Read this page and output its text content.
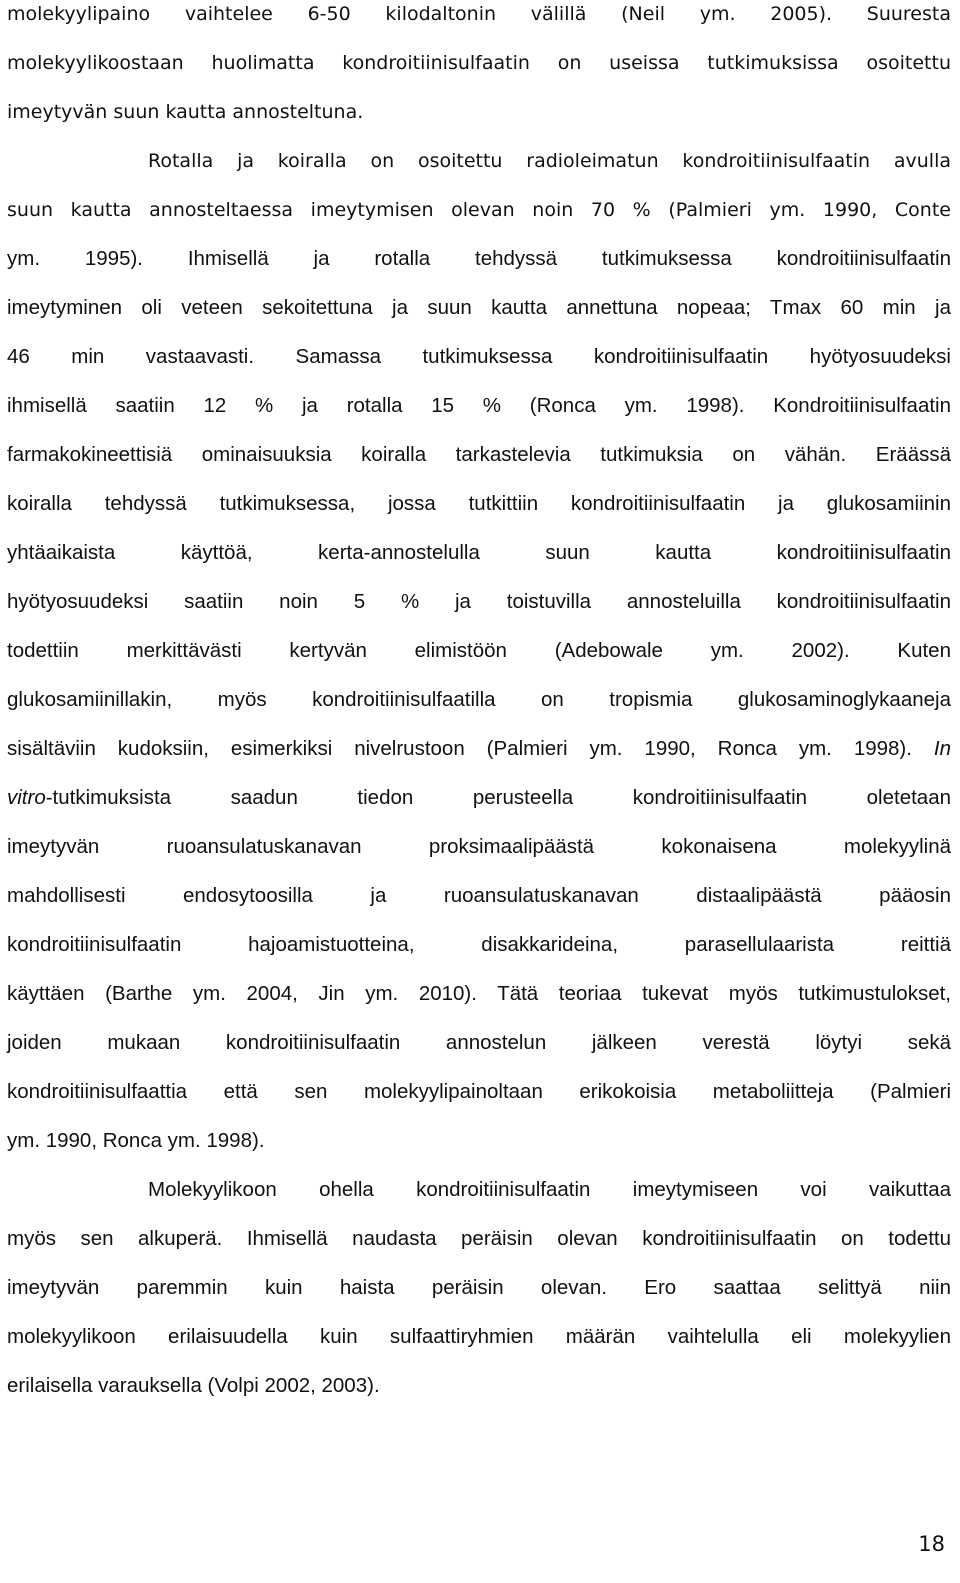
molekyylipaino vaihtelee 6-50 kilodaltonin välillä (Neil ym. 2005). Suuresta
molekyylikoostaan huolimatta kondroitiinisulfaatin on useissa tutkimuksissa osoitettu
imeytyvän suun kautta annosteltuna.
Rotalla ja koiralla on osoitettu radioleimatun kondroitiinisulfaatin avulla
suun kautta annosteltaessa imeytymisen olevan noin 70 % (Palmieri ym. 1990, Conte
ym. 1995). Ihmisellä ja rotalla tehdyssä tutkimuksessa kondroitiinisulfaatin
imeytyminen oli veteen sekoitettuna ja suun kautta annettuna nopeaa; Tmax 60 min ja
46 min vastaavasti. Samassa tutkimuksessa kondroitiinisulfaatin hyötyosuudeksi
ihmisellä saatiin 12 % ja rotalla 15 % (Ronca ym. 1998). Kondroitiinisulfaatin
farmakokineettisiä ominaisuuksia koiralla tarkastelevia tutkimuksia on vähän. Eräässä
koiralla tehdyssä tutkimuksessa, jossa tutkittiin kondroitiinisulfaatin ja glukosamiinin
yhtäaikaista käyttöä, kerta-annostelulla suun kautta kondroitiinisulfaatin
hyötyosuudeksi saatiin noin 5 % ja toistuvilla annosteluilla kondroitiinisulfaatin
todettiin merkittävästi kertyvän elimistöön (Adebowale ym. 2002). Kuten
glukosamiinillakin, myös kondroitiinisulfaatilla on tropismia glukosaminoglykaaneja
sisältäviin kudoksiin, esimerkiksi nivelrustoon (Palmieri ym. 1990, Ronca ym. 1998). In
vitro-tutkimuksista saadun tiedon perusteella kondroitiinisulfaatin oletetaan
imeytyvän ruoansulatuskanavan proksimaalipäästä kokonaisena molekyylinä
mahdollisesti endosytoosilla ja ruoansulatuskanavan distaalipäästä pääosin
kondroitiinisulfaatin hajoamistuotteina, disakkarideina, parasellulaarista reittiä
käyttäen (Barthe ym. 2004, Jin ym. 2010). Tätä teoriaa tukevat myös tutkimustulokset,
joiden mukaan kondroitiinisulfaatin annostelun jälkeen verestä löytyi sekä
kondroitiinisulfaattia että sen molekyylipainoltaan erikokoisia metaboliitteja (Palmieri
ym. 1990, Ronca ym. 1998).
Molekyylikoon ohella kondroitiinisulfaatin imeytymiseen voi vaikuttaa
myös sen alkuperä. Ihmisellä naudasta peräisin olevan kondroitiinisulfaatin on todettu
imeytyvän paremmin kuin haista peräisin olevan. Ero saattaa selittyä niin
molekyylikoon erilaisuudella kuin sulfaattiryhmien määrän vaihtelulla eli molekyylien
erilaisella varauksella (Volpi 2002, 2003).
18
